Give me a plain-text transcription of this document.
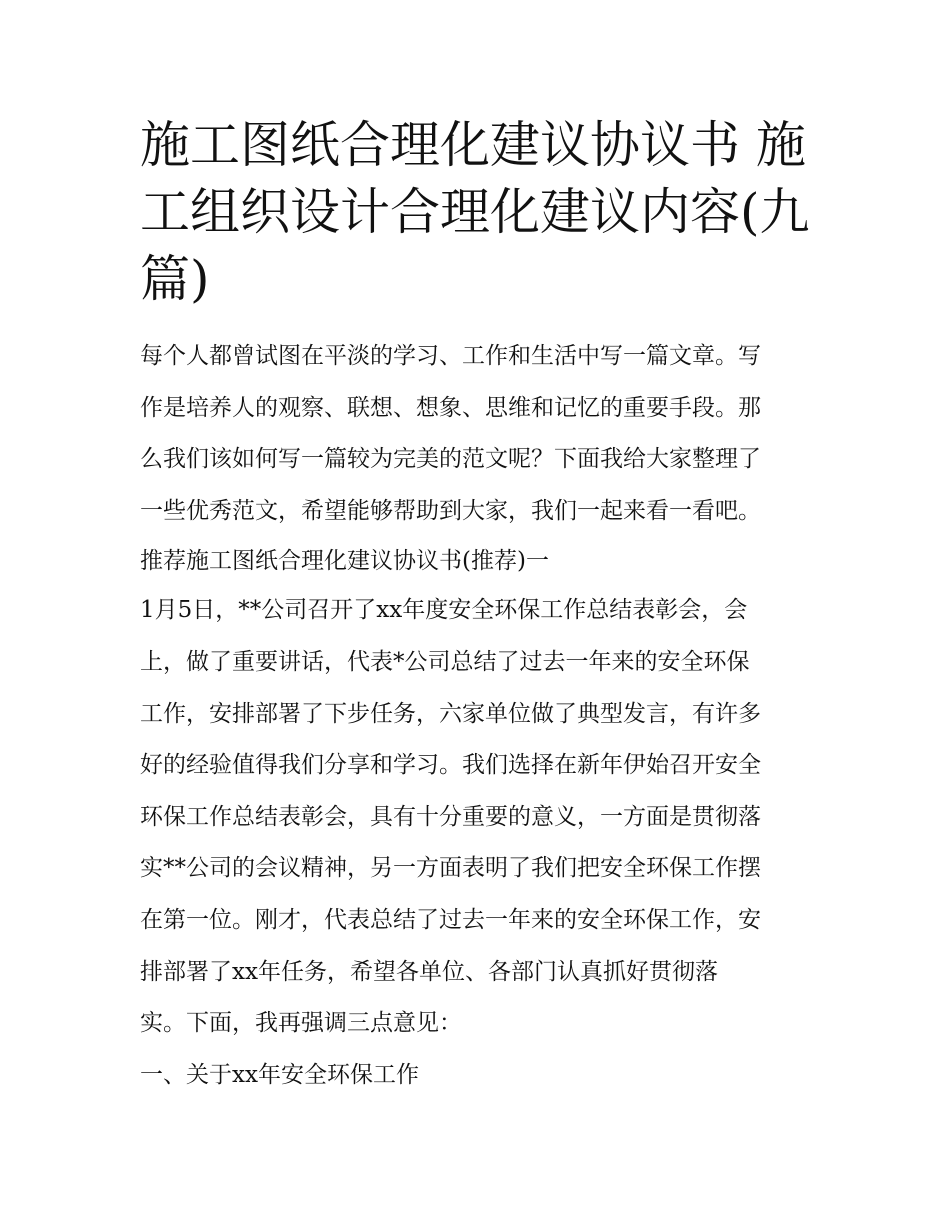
施工图纸合理化建议协议书 施
工组织设计合理化建议内容(九
篇)
每个人都曾试图在平淡的学习、工作和生活中写一篇文章。写
作是培养人的观察、联想、想象、思维和记忆的重要手段。那
么我们该如何写一篇较为完美的范文呢？下面我给大家整理了
一些优秀范文，希望能够帮助到大家，我们一起来看一看吧。
推荐施工图纸合理化建议协议书(推荐)一
1月5日，**公司召开了xx年度安全环保工作总结表彰会，会
上，做了重要讲话，代表*公司总结了过去一年来的安全环保
工作，安排部署了下步任务，六家单位做了典型发言，有许多
好的经验值得我们分享和学习。我们选择在新年伊始召开安全
环保工作总结表彰会，具有十分重要的意义，一方面是贯彻落
实**公司的会议精神，另一方面表明了我们把安全环保工作摆
在第一位。刚才，代表总结了过去一年来的安全环保工作，安
排部署了xx年任务，希望各单位、各部门认真抓好贯彻落
实。下面，我再强调三点意见：
一、关于xx年安全环保工作
